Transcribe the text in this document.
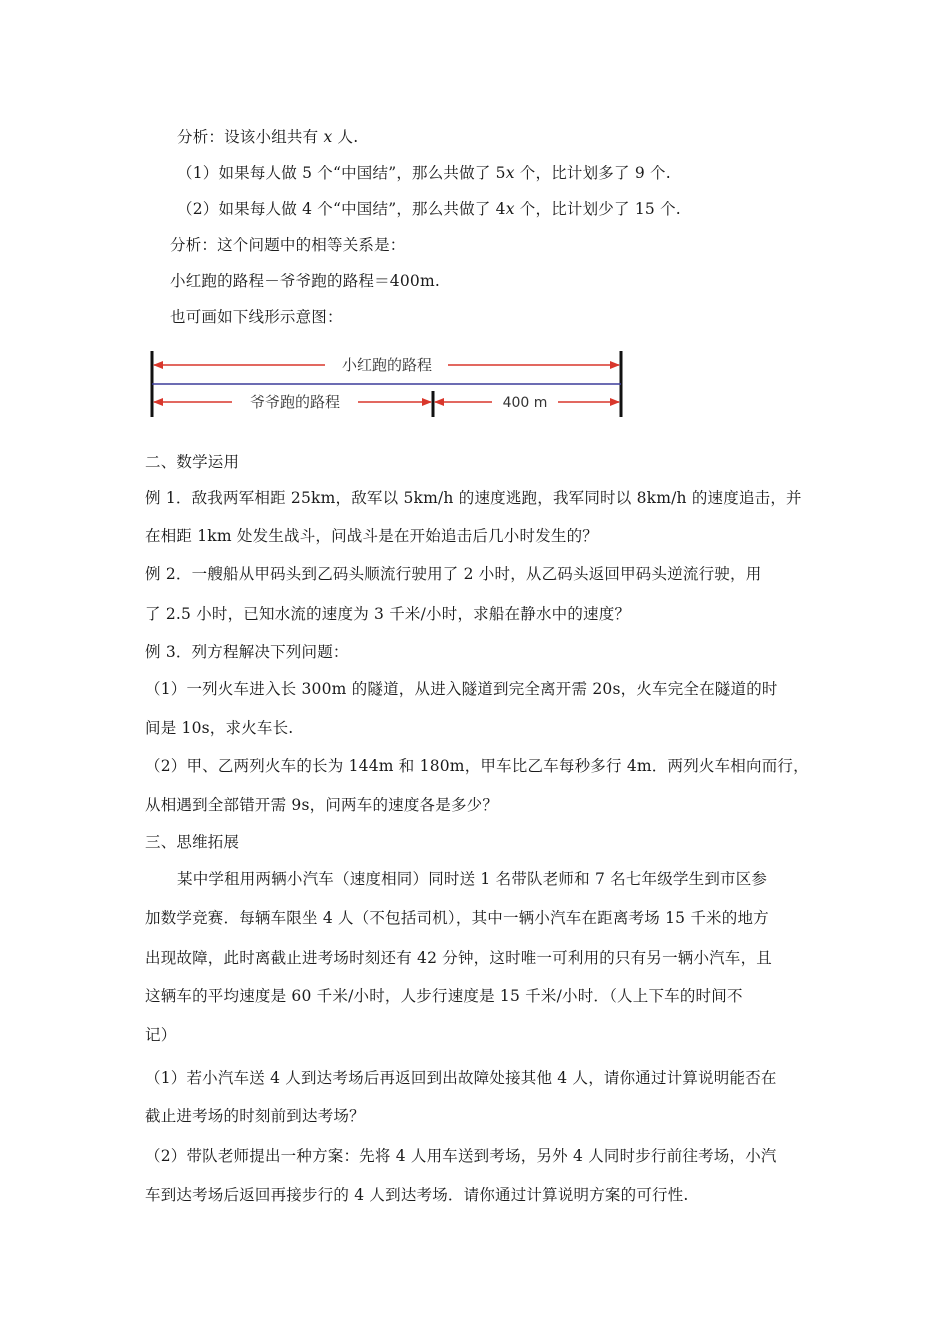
分析：设该小组共有 x 人.
（1）如果每人做 5 个“中国结”，那么共做了 5x 个，比计划多了 9 个.
（2）如果每人做 4 个“中国结”，那么共做了 4x 个，比计划少了 15 个.
分析：这个问题中的相等关系是：
小红跑的路程－爷爷跑的路程＝400m.
也可画如下线形示意图：
小红跑的路程
爷爷跑的路程	400 m
二、数学运用
例 1．敌我两军相距 25km，敌军以 5km/h 的速度逃跑，我军同时以 8km/h 的速度追击，并
在相距 1km 处发生战斗，问战斗是在开始追击后几小时发生的？
例 2．一艘船从甲码头到乙码头顺流行驶用了 2 小时，从乙码头返回甲码头逆流行驶，用
了 2.5 小时，已知水流的速度为 3 千米/小时，求船在静水中的速度？
例 3．列方程解决下列问题：
（1）一列火车进入长 300m 的隧道，从进入隧道到完全离开需 20s，火车完全在隧道的时
间是 10s，求火车长.
（2）甲、乙两列火车的长为 144m 和 180m，甲车比乙车每秒多行 4m．两列火车相向而行，
从相遇到全部错开需 9s，问两车的速度各是多少？
三、思维拓展
某中学租用两辆小汽车（速度相同）同时送 1 名带队老师和 7 名七年级学生到市区参
加数学竞赛．每辆车限坐 4 人（不包括司机），其中一辆小汽车在距离考场 15 千米的地方
出现故障，此时离截止进考场时刻还有 42 分钟，这时唯一可利用的只有另一辆小汽车，且
这辆车的平均速度是 60 千米/小时，人步行速度是 15 千米/小时．（人上下车的时间不
记）
（1）若小汽车送 4 人到达考场后再返回到出故障处接其他 4 人，请你通过计算说明能否在
截止进考场的时刻前到达考场？
（2）带队老师提出一种方案：先将 4 人用车送到考场，另外 4 人同时步行前往考场，小汽
车到达考场后返回再接步行的 4 人到达考场．请你通过计算说明方案的可行性.
